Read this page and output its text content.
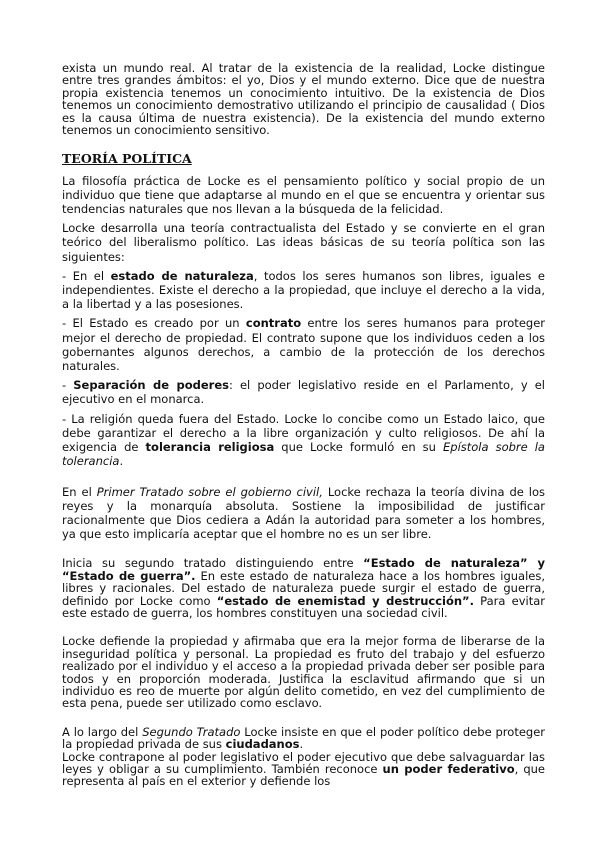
exista un mundo real. Al tratar de la existencia de la realidad, Locke distingue entre tres grandes ámbitos: el yo, Dios y el mundo externo. Dice que de nuestra propia existencia tenemos un conocimiento intuitivo. De la existencia de Dios tenemos un conocimiento demostrativo utilizando el principio de causalidad ( Dios es la causa última de nuestra existencia). De la existencia del mundo externo tenemos un conocimiento sensitivo.

TEORÍA POLÍTICA

La filosofía práctica de Locke es el pensamiento político y social propio de un individuo que tiene que adaptarse al mundo en el que se encuentra y orientar sus tendencias naturales que nos llevan a la búsqueda de la felicidad.

Locke desarrolla una teoría contractualista del Estado y se convierte en el gran teórico del liberalismo político. Las ideas básicas de su teoría política son las siguientes:

- En el estado de naturaleza, todos los seres humanos son libres, iguales e independientes. Existe el derecho a la propiedad, que incluye el derecho a la vida, a la libertad y a las posesiones.

- El Estado es creado por un contrato entre los seres humanos para proteger mejor el derecho de propiedad. El contrato supone que los individuos ceden a los gobernantes algunos derechos, a cambio de la protección de los derechos naturales.

- Separación de poderes: el poder legislativo reside en el Parlamento, y el ejecutivo en el monarca.

- La religión queda fuera del Estado. Locke lo concibe como un Estado laico, que debe garantizar el derecho a la libre organización y culto religiosos. De ahí la exigencia de tolerancia religiosa que Locke formuló en su Epístola sobre la tolerancia.

En el Primer Tratado sobre el gobierno civil, Locke rechaza la teoría divina de los reyes y la monarquía absoluta. Sostiene la imposibilidad de justificar racionalmente que Dios cediera a Adán la autoridad para someter a los hombres, ya que esto implicaría aceptar que el hombre no es un ser libre.

Inicia su segundo tratado distinguiendo entre “Estado de naturaleza” y “Estado de guerra”. En este estado de naturaleza hace a los hombres iguales, libres y racionales. Del estado de naturaleza puede surgir el estado de guerra, definido por Locke como “estado de enemistad y destrucción”. Para evitar este estado de guerra, los hombres constituyen una sociedad civil.

Locke defiende la propiedad y afirmaba que era la mejor forma de liberarse de la inseguridad política y personal. La propiedad es fruto del trabajo y del esfuerzo realizado por el individuo y el acceso a la propiedad privada deber ser posible para todos y en proporción moderada. Justifica la esclavitud afirmando que si un individuo es reo de muerte por algún delito cometido, en vez del cumplimiento de esta pena, puede ser utilizado como esclavo.

A lo largo del Segundo Tratado Locke insiste en que el poder político debe proteger la propiedad privada de sus ciudadanos.

Locke contrapone al poder legislativo el poder ejecutivo que debe salvaguardar las leyes y obligar a su cumplimiento. También reconoce un poder federativo, que representa al país en el exterior y defiende los
